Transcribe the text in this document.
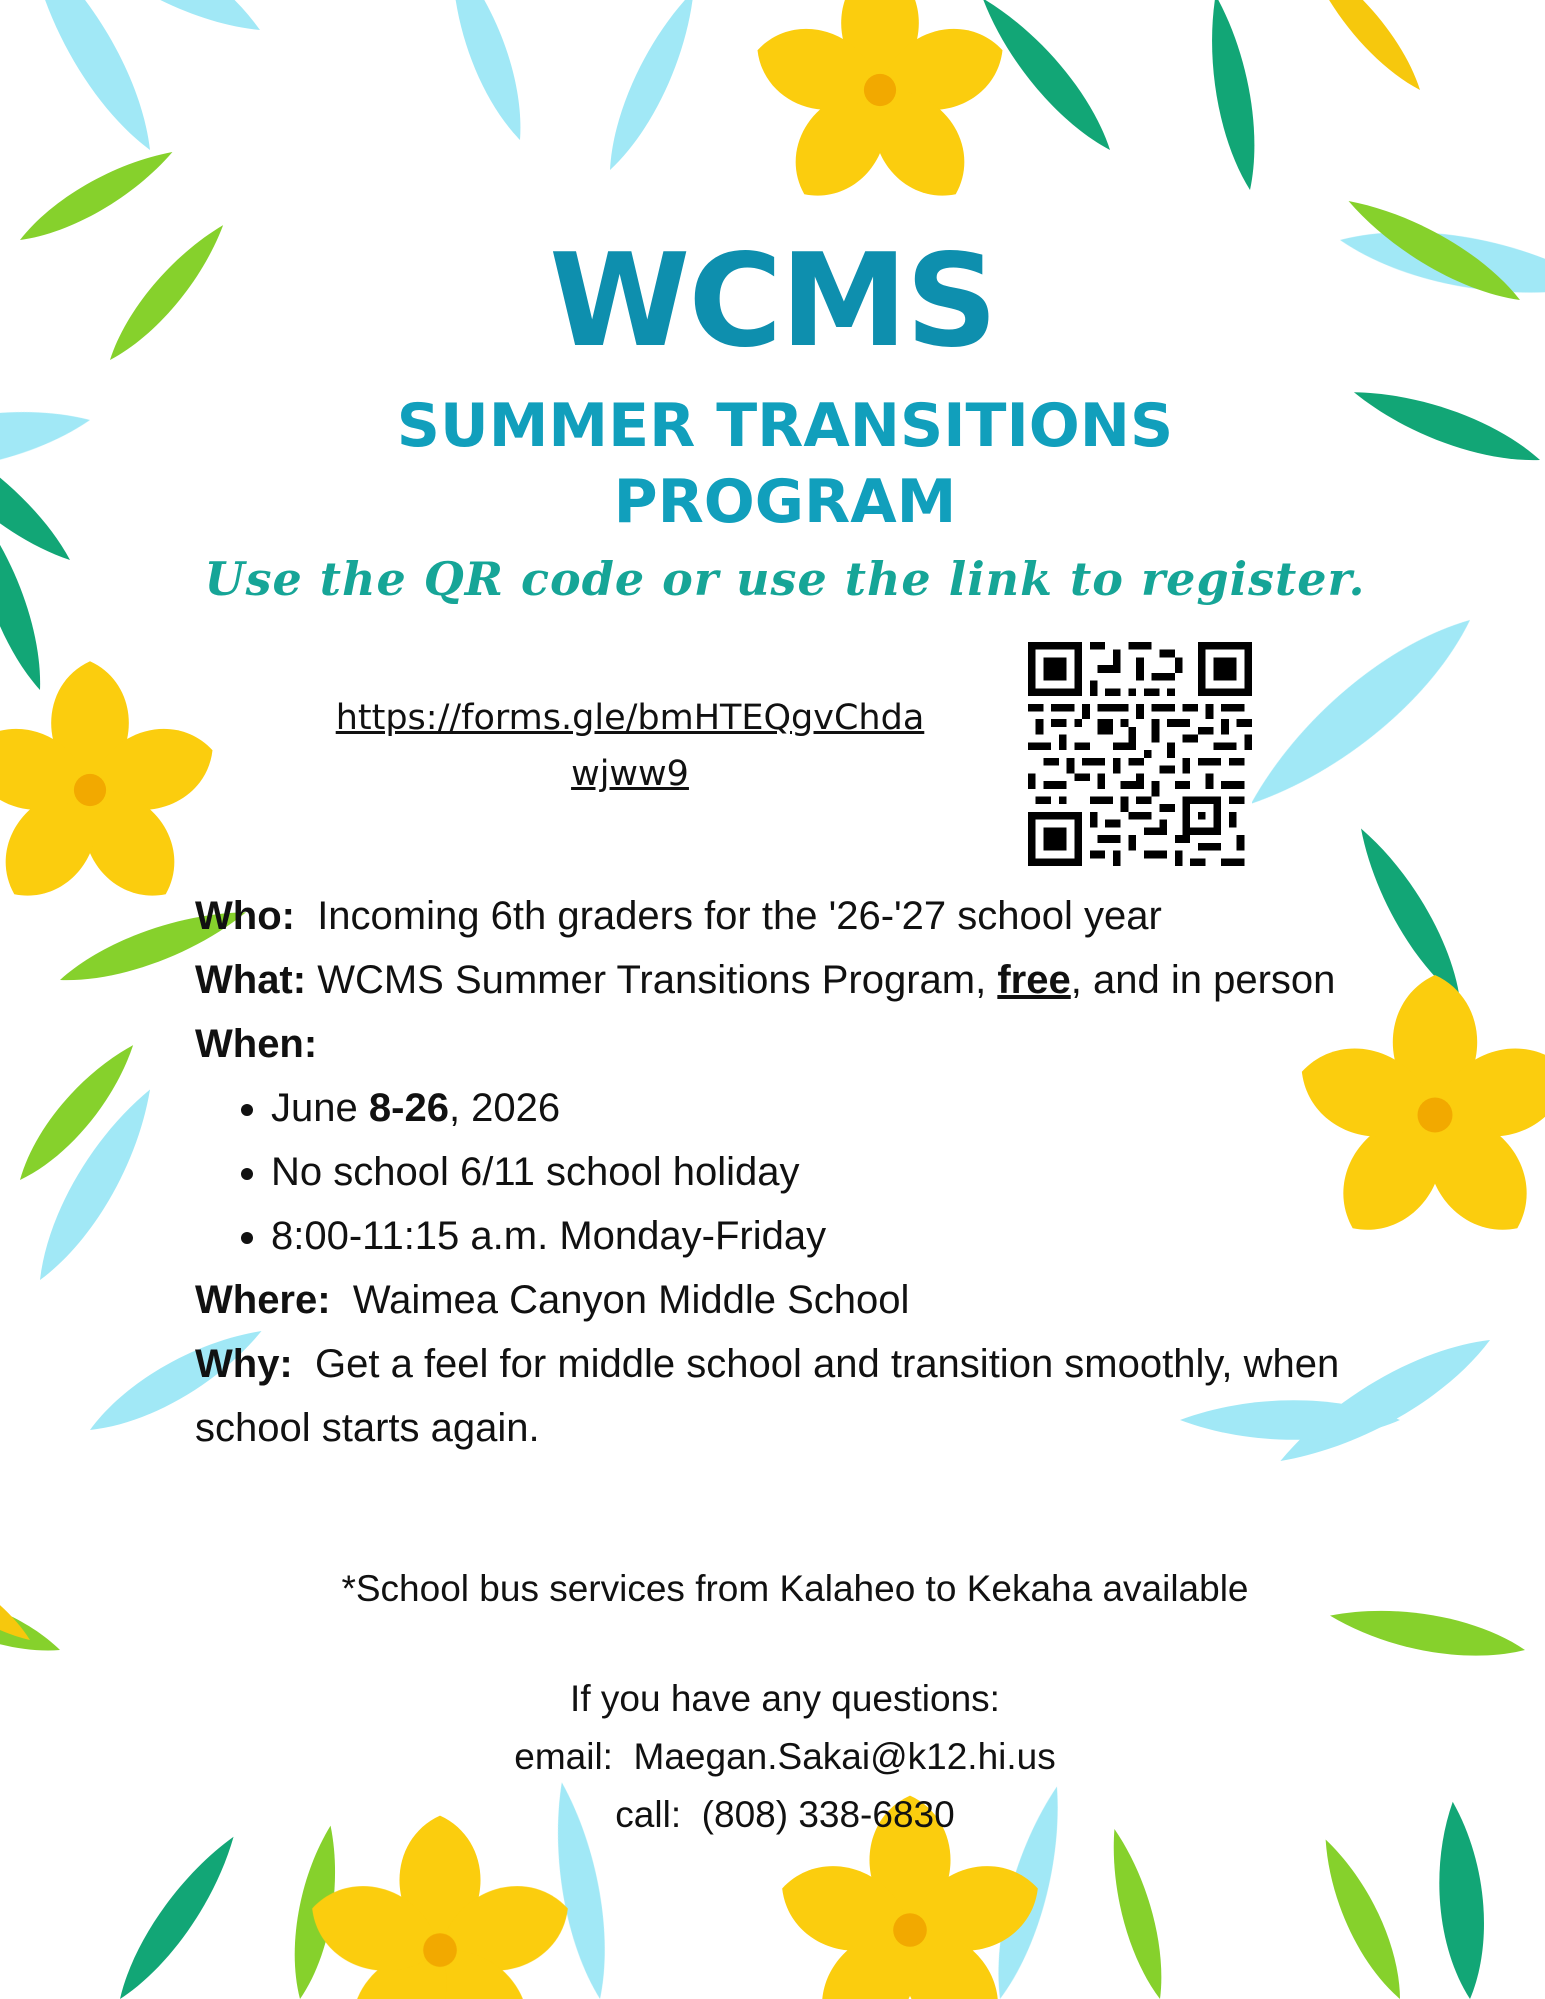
WCMS
SUMMER TRANSITIONS
PROGRAM
Use the QR code or use the link to register.
https://forms.gle/bmHTEQgvChda
wjww9
Who: Incoming 6th graders for the '26-'27 school year
What: WCMS Summer Transitions Program, free, and in person
When:
• June 8-26, 2026
• No school 6/11 school holiday
• 8:00-11:15 a.m. Monday-Friday
Where: Waimea Canyon Middle School
Why: Get a feel for middle school and transition smoothly, when school starts again.
*School bus services from Kalaheo to Kekaha available
If you have any questions:
email: Maegan.Sakai@k12.hi.us
call: (808) 338-6830
